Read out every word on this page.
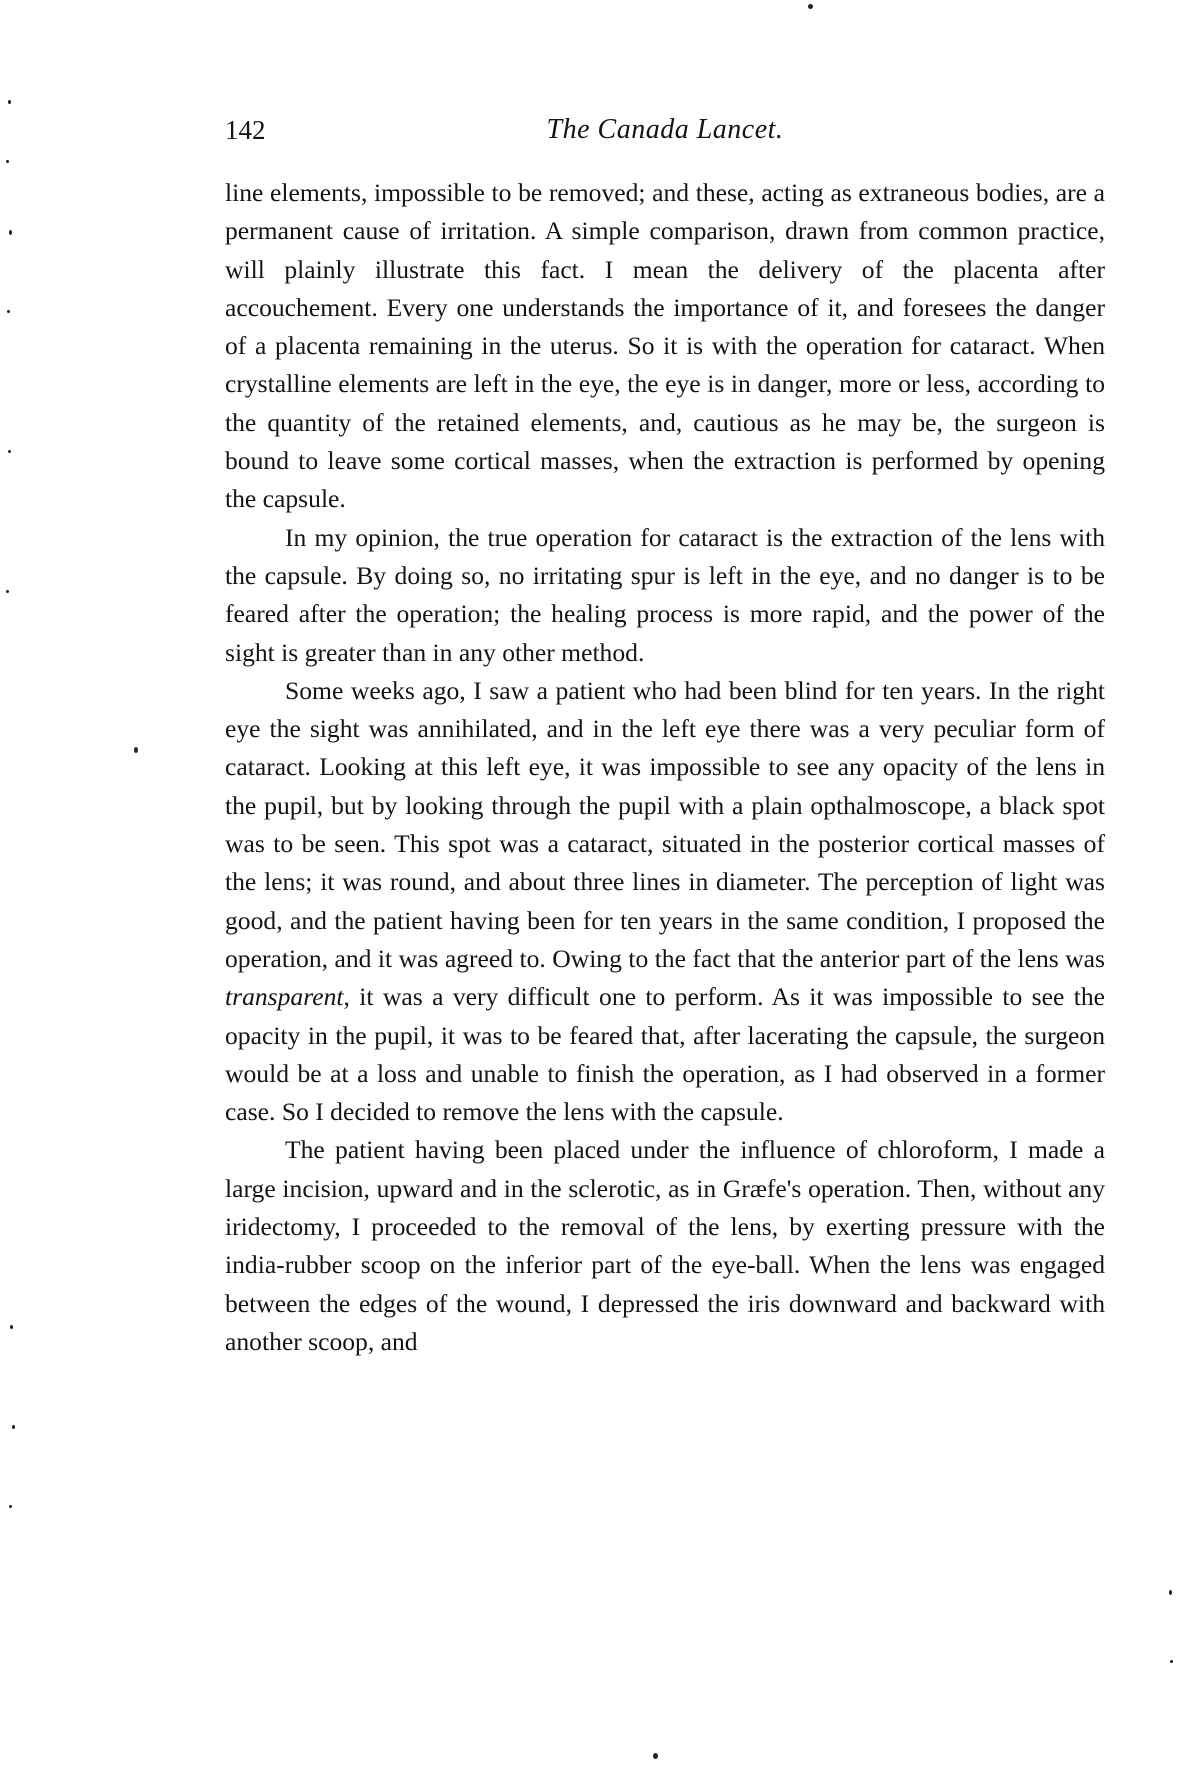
142	The Canada Lancet.

line elements, impossible to be removed; and these, acting as extraneous bodies, are a permanent cause of irritation. A simple comparison, drawn from common practice, will plainly illustrate this fact. I mean the delivery of the placenta after accouchement. Every one understands the importance of it, and foresees the danger of a placenta remaining in the uterus. So it is with the operation for cataract. When crystalline elements are left in the eye, the eye is in danger, more or less, according to the quantity of the retained elements, and, cautious as he may be, the surgeon is bound to leave some cortical masses, when the extraction is performed by opening the capsule.

In my opinion, the true operation for cataract is the extraction of the lens with the capsule. By doing so, no irritating spur is left in the eye, and no danger is to be feared after the operation; the healing process is more rapid, and the power of the sight is greater than in any other method.

Some weeks ago, I saw a patient who had been blind for ten years. In the right eye the sight was annihilated, and in the left eye there was a very peculiar form of cataract. Looking at this left eye, it was impossible to see any opacity of the lens in the pupil, but by looking through the pupil with a plain opthalmoscope, a black spot was to be seen. This spot was a cataract, situated in the posterior cortical masses of the lens; it was round, and about three lines in diameter. The perception of light was good, and the patient having been for ten years in the same condition, I proposed the operation, and it was agreed to. Owing to the fact that the anterior part of the lens was transparent, it was a very difficult one to perform. As it was impossible to see the opacity in the pupil, it was to be feared that, after lacerating the capsule, the surgeon would be at a loss and unable to finish the operation, as I had observed in a former case. So I decided to remove the lens with the capsule.

The patient having been placed under the influence of chloroform, I made a large incision, upward and in the sclerotic, as in Græfe's operation. Then, without any iridectomy, I proceeded to the removal of the lens, by exerting pressure with the india-rubber scoop on the inferior part of the eye-ball. When the lens was engaged between the edges of the wound, I depressed the iris downward and backward with another scoop, and
